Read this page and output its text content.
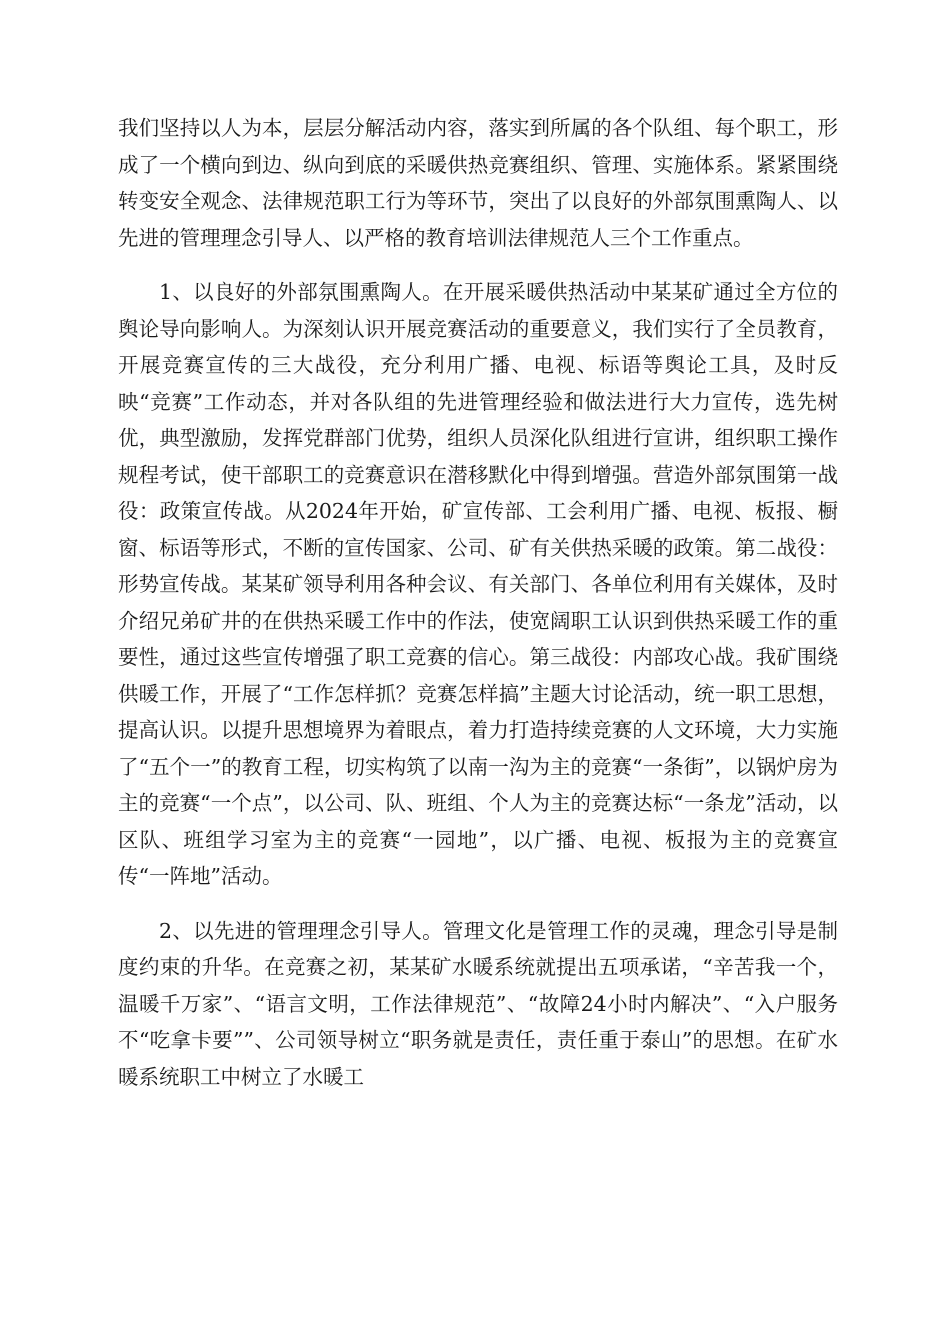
我们坚持以人为本，层层分解活动内容，落实到所属的各个队组、每个职工，形成了一个横向到边、纵向到底的采暖供热竞赛组织、管理、实施体系。紧紧围绕转变安全观念、法律规范职工行为等环节，突出了以良好的外部氛围熏陶人、以先进的管理理念引导人、以严格的教育培训法律规范人三个工作重点。

1、以良好的外部氛围熏陶人。在开展采暖供热活动中某某矿通过全方位的舆论导向影响人。为深刻认识开展竞赛活动的重要意义，我们实行了全员教育，开展竞赛宣传的三大战役，充分利用广播、电视、标语等舆论工具，及时反映“竞赛”工作动态，并对各队组的先进管理经验和做法进行大力宣传，选先树优，典型激励，发挥党群部门优势，组织人员深化队组进行宣讲，组织职工操作规程考试，使干部职工的竞赛意识在潜移默化中得到增强。营造外部氛围第一战役：政策宣传战。从2024年开始，矿宣传部、工会利用广播、电视、板报、橱窗、标语等形式，不断的宣传国家、公司、矿有关供热采暖的政策。第二战役：形势宣传战。某某矿领导利用各种会议、有关部门、各单位利用有关媒体，及时介绍兄弟矿井的在供热采暖工作中的作法，使宽阔职工认识到供热采暖工作的重要性，通过这些宣传增强了职工竞赛的信心。第三战役：内部攻心战。我矿围绕供暖工作，开展了“工作怎样抓？竞赛怎样搞”主题大讨论活动，统一职工思想，提高认识。以提升思想境界为着眼点，着力打造持续竞赛的人文环境，大力实施了“五个一”的教育工程，切实构筑了以南一沟为主的竞赛“一条街”，以锅炉房为主的竞赛“一个点”，以公司、队、班组、个人为主的竞赛达标“一条龙”活动，以区队、班组学习室为主的竞赛“一园地”，以广播、电视、板报为主的竞赛宣传“一阵地”活动。

2、以先进的管理理念引导人。管理文化是管理工作的灵魂，理念引导是制度约束的升华。在竞赛之初，某某矿水暖系统就提出五项承诺，“辛苦我一个，温暖千万家”、“语言文明，工作法律规范”、“故障24小时内解决”、“入户服务不“吃拿卡要””、公司领导树立“职务就是责任，责任重于泰山”的思想。在矿水暖系统职工中树立了水暖工
